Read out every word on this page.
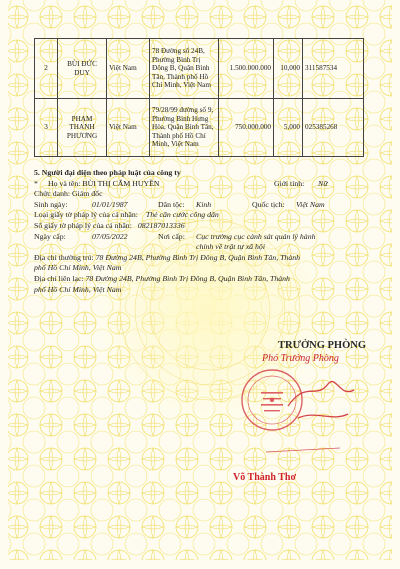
2	BÙI ĐỨC DUY	Việt Nam	78 Đường số 24B, Phường Bình Trị Đông B, Quận Bình Tân, Thành phố Hồ Chí Minh, Việt Nam	1.500.000.000	10,000	311587534
3	PHẠM THANH PHƯƠNG	Việt Nam	79/28/99 đường số 9, Phường Bình Hưng Hòa, Quận Bình Tân, Thành phố Hồ Chí Minh, Việt Nam	750.000.000	5,000	025385268
5. Người đại diện theo pháp luật của công ty
* Họ và tên: BÙI THỊ CẨM HUYỀN	Giới tính: Nữ
Chức danh: Giám đốc
Sinh ngày:	01/01/1987	Dân tộc: Kinh	Quốc tịch: Việt Nam
Loại giấy tờ pháp lý của cá nhân: Thẻ căn cước công dân
Số giấy tờ pháp lý của cá nhân: 082187013336
Ngày cấp:	07/05/2022	Nơi cấp: Cục trưởng cục cảnh sát quản lý hành
chính về trật tự xã hội
Địa chỉ thường trú: 78 Đường 24B, Phường Bình Trị Đông B, Quận Bình Tân, Thành
phố Hồ Chí Minh, Việt Nam
Địa chỉ liên lạc: 78 Đường 24B, Phường Bình Trị Đông B, Quận Bình Tân, Thành
phố Hồ Chí Minh, Việt Nam
TRƯỞNG PHÒNG
Phó Trưởng Phòng
Võ Thành Thơ
